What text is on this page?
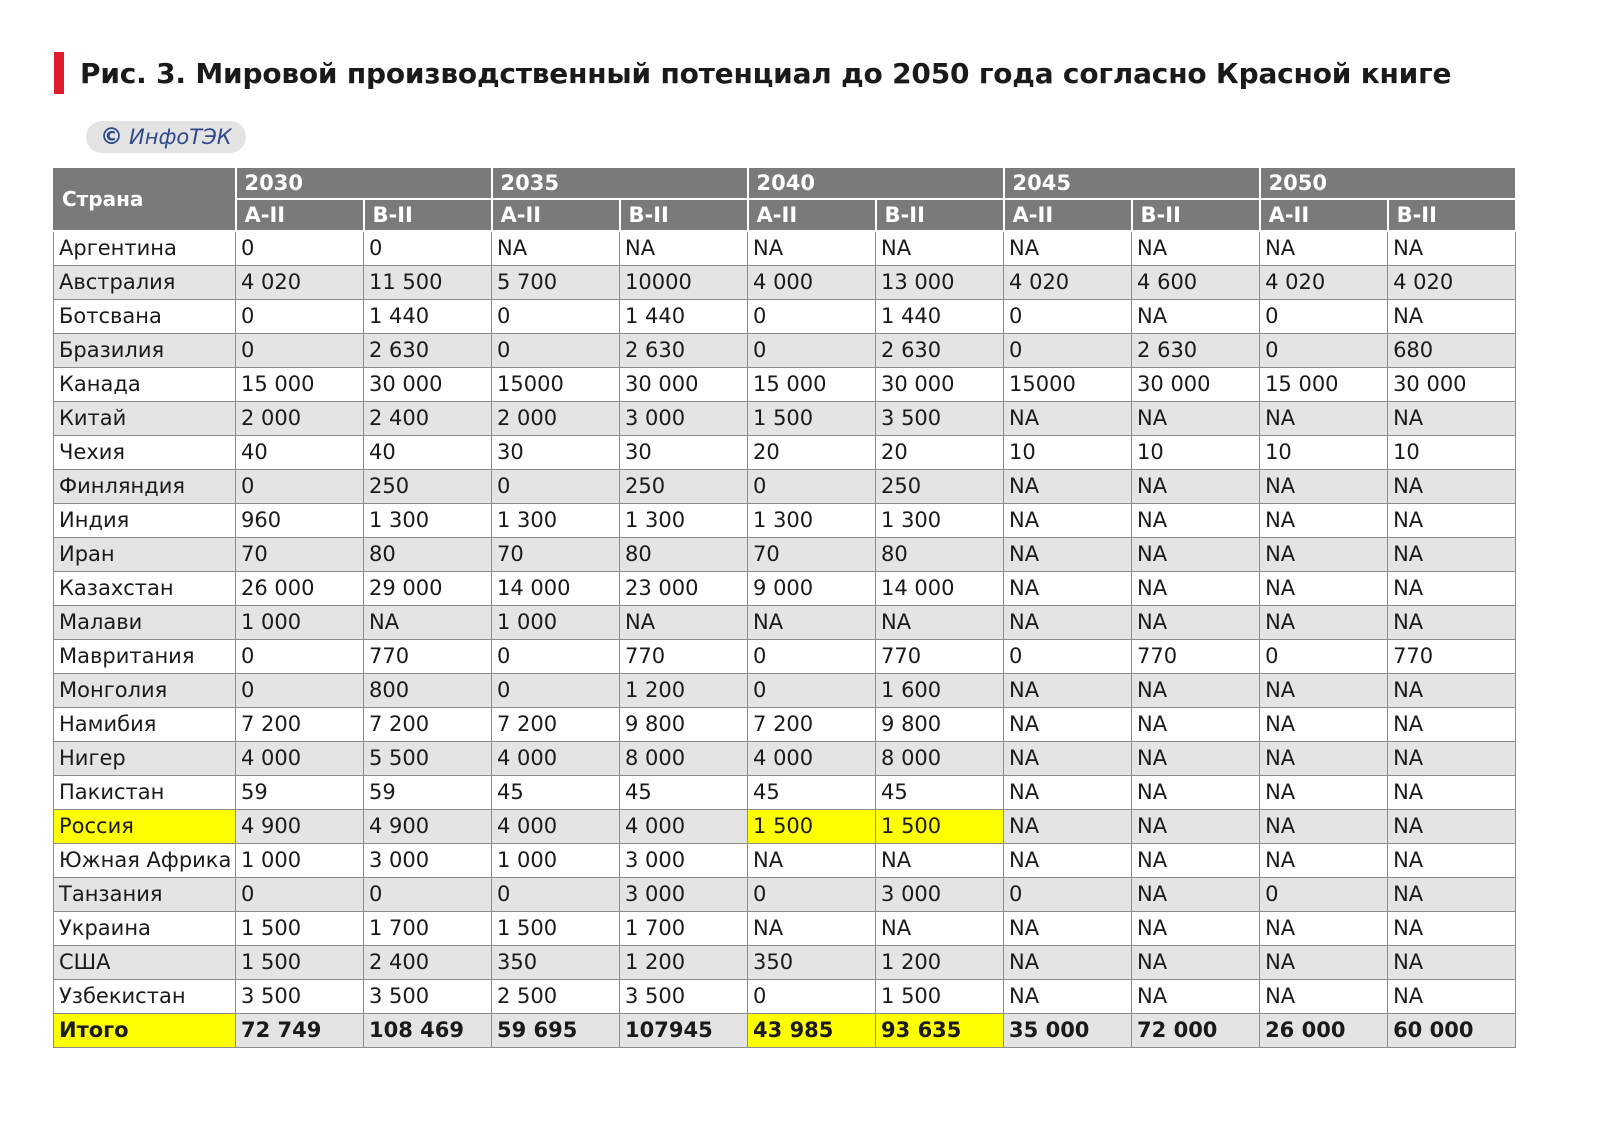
Рис. 3. Мировой производственный потенциал до 2050 года согласно Красной книге
© ИнфоТЭК
Страна	2030		2035		2040		2045		2050	
	A-II	B-II	A-II	B-II	A-II	B-II	A-II	B-II	A-II	B-II
Аргентина	0	0	NA	NA	NA	NA	NA	NA	NA	NA
Австралия	4 020	11 500	5 700	10000	4 000	13 000	4 020	4 600	4 020	4 020
Ботсвана	0	1 440	0	1 440	0	1 440	0	NA	0	NA
Бразилия	0	2 630	0	2 630	0	2 630	0	2 630	0	680
Канада	15 000	30 000	15000	30 000	15 000	30 000	15000	30 000	15 000	30 000
Китай	2 000	2 400	2 000	3 000	1 500	3 500	NA	NA	NA	NA
Чехия	40	40	30	30	20	20	10	10	10	10
Финляндия	0	250	0	250	0	250	NA	NA	NA	NA
Индия	960	1 300	1 300	1 300	1 300	1 300	NA	NA	NA	NA
Иран	70	80	70	80	70	80	NA	NA	NA	NA
Казахстан	26 000	29 000	14 000	23 000	9 000	14 000	NA	NA	NA	NA
Малави	1 000	NA	1 000	NA	NA	NA	NA	NA	NA	NA
Мавритания	0	770	0	770	0	770	0	770	0	770
Монголия	0	800	0	1 200	0	1 600	NA	NA	NA	NA
Намибия	7 200	7 200	7 200	9 800	7 200	9 800	NA	NA	NA	NA
Нигер	4 000	5 500	4 000	8 000	4 000	8 000	NA	NA	NA	NA
Пакистан	59	59	45	45	45	45	NA	NA	NA	NA
Россия	4 900	4 900	4 000	4 000	1 500	1 500	NA	NA	NA	NA
Южная Африка	1 000	3 000	1 000	3 000	NA	NA	NA	NA	NA	NA
Танзания	0	0	0	3 000	0	3 000	0	NA	0	NA
Украина	1 500	1 700	1 500	1 700	NA	NA	NA	NA	NA	NA
США	1 500	2 400	350	1 200	350	1 200	NA	NA	NA	NA
Узбекистан	3 500	3 500	2 500	3 500	0	1 500	NA	NA	NA	NA
Итого	72 749	108 469	59 695	107945	43 985	93 635	35 000	72 000	26 000	60 000
